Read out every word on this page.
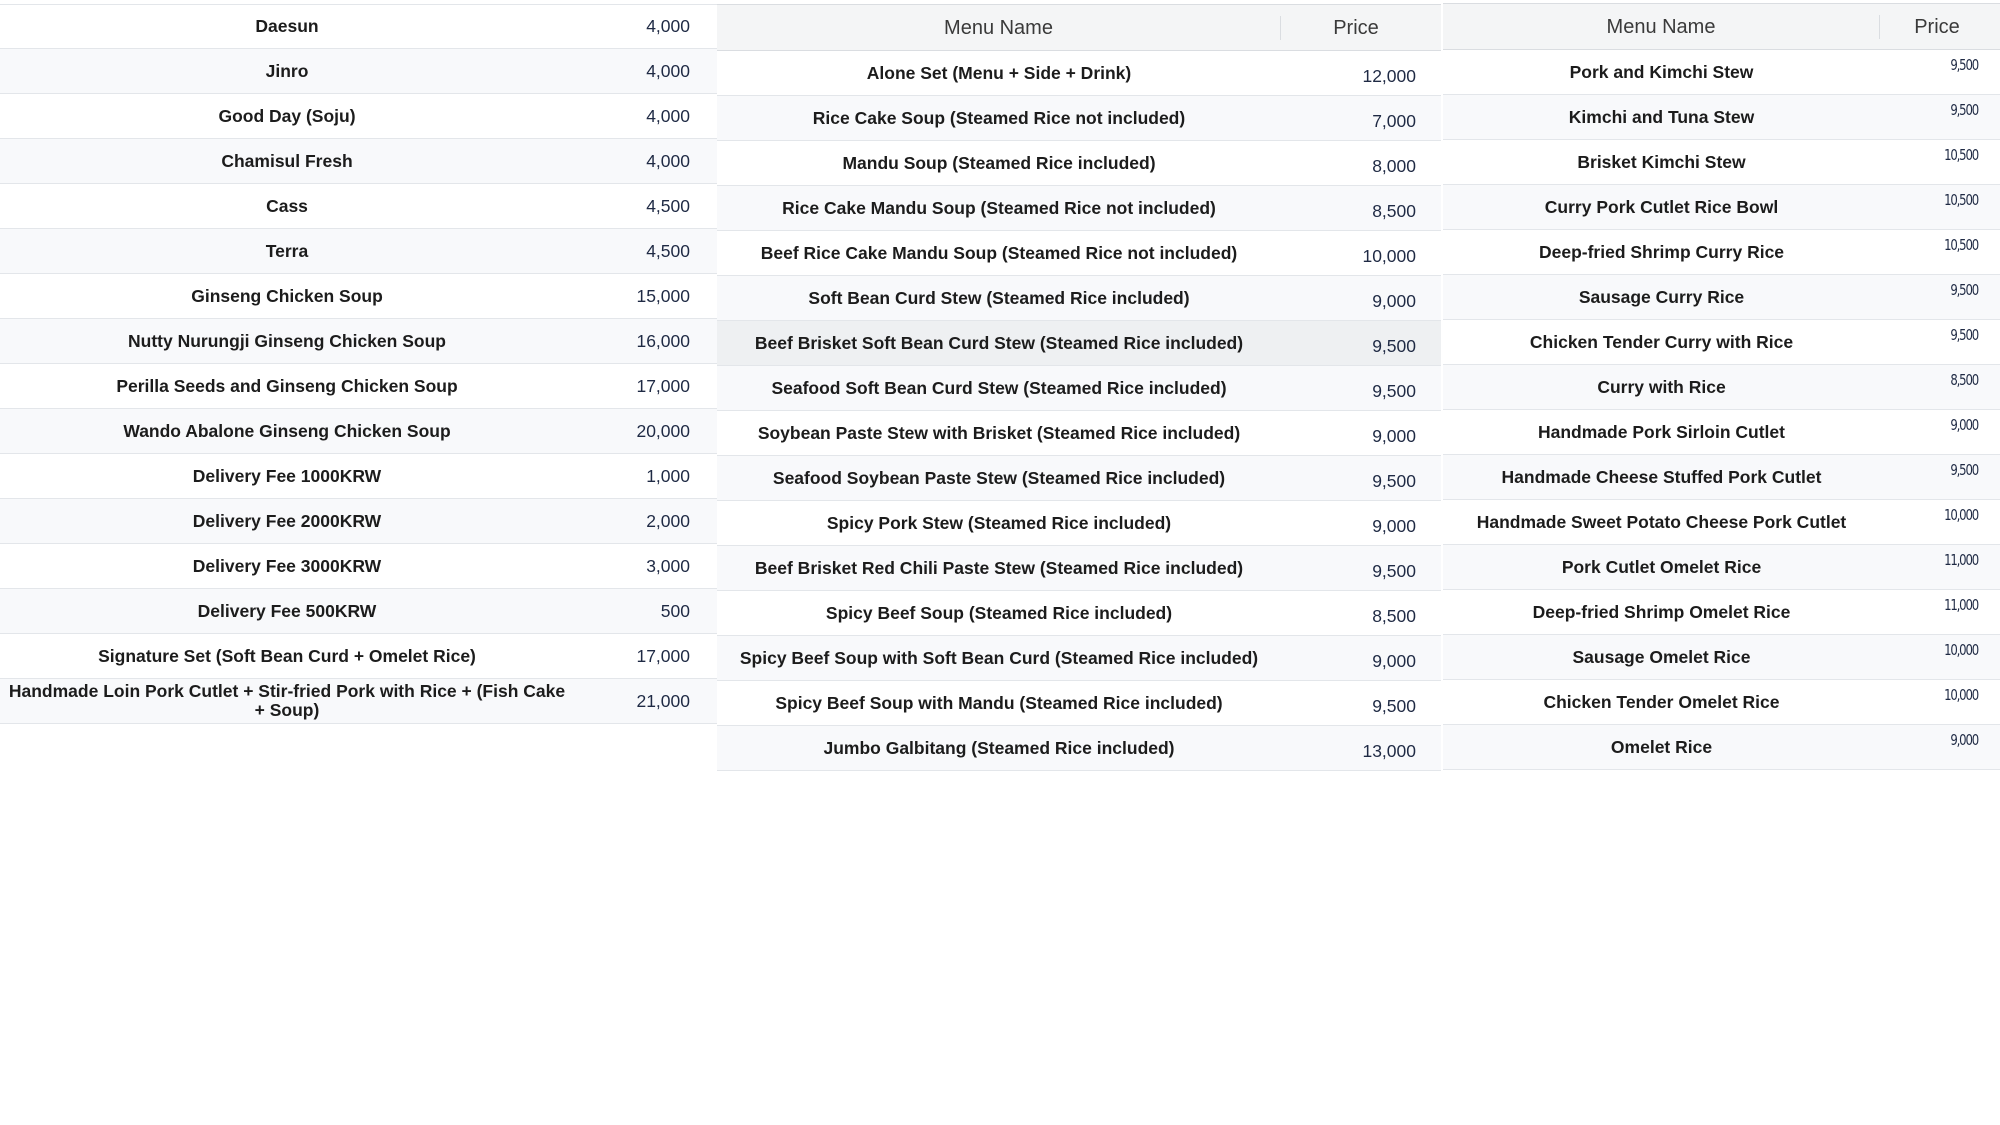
Daesun	4,000
Jinro	4,000
Good Day (Soju)	4,000
Chamisul Fresh	4,000
Cass	4,500
Terra	4,500
Ginseng Chicken Soup	15,000
Nutty Nurungji Ginseng Chicken Soup	16,000
Perilla Seeds and Ginseng Chicken Soup	17,000
Wando Abalone Ginseng Chicken Soup	20,000
Delivery Fee 1000KRW	1,000
Delivery Fee 2000KRW	2,000
Delivery Fee 3000KRW	3,000
Delivery Fee 500KRW	500
Signature Set (Soft Bean Curd + Omelet Rice)	17,000
Handmade Loin Pork Cutlet + Stir-fried Pork with Rice + (Fish Cake + Soup)	21,000
Menu Name	Price
Alone Set (Menu + Side + Drink)	12,000
Rice Cake Soup (Steamed Rice not included)	7,000
Mandu Soup (Steamed Rice included)	8,000
Rice Cake Mandu Soup (Steamed Rice not included)	8,500
Beef Rice Cake Mandu Soup (Steamed Rice not included)	10,000
Soft Bean Curd Stew (Steamed Rice included)	9,000
Beef Brisket Soft Bean Curd Stew (Steamed Rice included)	9,500
Seafood Soft Bean Curd Stew (Steamed Rice included)	9,500
Soybean Paste Stew with Brisket (Steamed Rice included)	9,000
Seafood Soybean Paste Stew (Steamed Rice included)	9,500
Spicy Pork Stew (Steamed Rice included)	9,000
Beef Brisket Red Chili Paste Stew (Steamed Rice included)	9,500
Spicy Beef Soup (Steamed Rice included)	8,500
Spicy Beef Soup with Soft Bean Curd (Steamed Rice included)	9,000
Spicy Beef Soup with Mandu (Steamed Rice included)	9,500
Jumbo Galbitang (Steamed Rice included)	13,000
Menu Name	Price
Pork and Kimchi Stew	9,500
Kimchi and Tuna Stew	9,500
Brisket Kimchi Stew	10,500
Curry Pork Cutlet Rice Bowl	10,500
Deep-fried Shrimp Curry Rice	10,500
Sausage Curry Rice	9,500
Chicken Tender Curry with Rice	9,500
Curry with Rice	8,500
Handmade Pork Sirloin Cutlet	9,000
Handmade Cheese Stuffed Pork Cutlet	9,500
Handmade Sweet Potato Cheese Pork Cutlet	10,000
Pork Cutlet Omelet Rice	11,000
Deep-fried Shrimp Omelet Rice	11,000
Sausage Omelet Rice	10,000
Chicken Tender Omelet Rice	10,000
Omelet Rice	9,000
